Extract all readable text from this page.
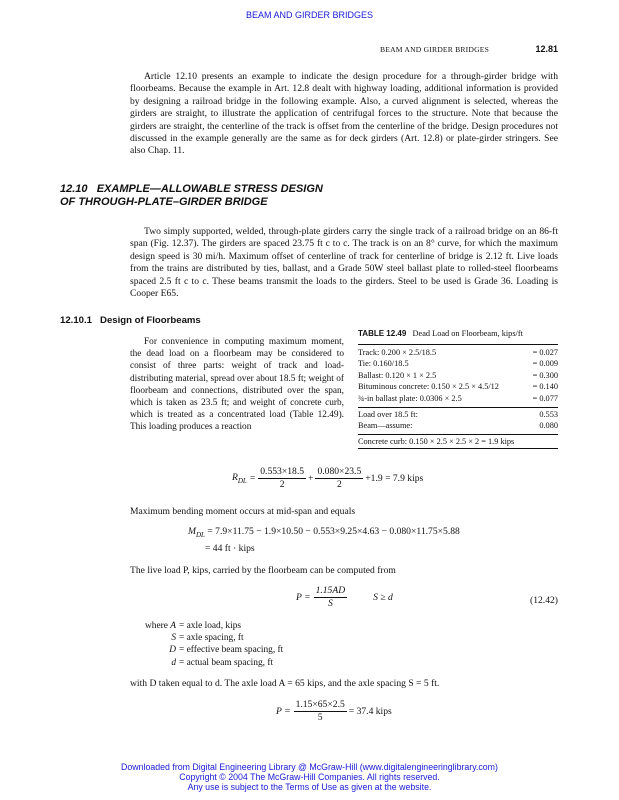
BEAM AND GIRDER BRIDGES
BEAM AND GIRDER BRIDGES	12.81

Article 12.10 presents an example to indicate the design procedure for a through-girder bridge with floorbeams. Because the example in Art. 12.8 dealt with highway loading, additional information is provided by designing a railroad bridge in the following example. Also, a curved alignment is selected, whereas the girders are straight, to illustrate the application of centrifugal forces to the structure. Note that because the girders are straight, the centerline of the track is offset from the centerline of the bridge. Design procedures not discussed in the example generally are the same as for deck girders (Art. 12.8) or plate-girder stringers. See also Chap. 11.

12.10 EXAMPLE—ALLOWABLE STRESS DESIGN
OF THROUGH-PLATE–GIRDER BRIDGE

Two simply supported, welded, through-plate girders carry the single track of a railroad bridge on an 86-ft span (Fig. 12.37). The girders are spaced 23.75 ft c to c. The track is on an 8° curve, for which the maximum design speed is 30 mi/h. Maximum offset of centerline of track for centerline of bridge is 2.12 ft. Live loads from the trains are distributed by ties, ballast, and a Grade 50W steel ballast plate to rolled-steel floorbeams spaced 2.5 ft c to c. These beams transmit the loads to the girders. Steel to be used is Grade 36. Loading is Cooper E65.

12.10.1 Design of Floorbeams

For convenience in computing maximum moment, the dead load on a floorbeam may be considered to consist of three parts: weight of track and load-distributing material, spread over about 18.5 ft; weight of floorbeam and connections, distributed over the span, which is taken as 23.5 ft; and weight of concrete curb, which is treated as a concentrated load (Table 12.49). This loading produces a reaction

TABLE 12.49 Dead Load on Floorbeam, kips/ft
Track: 0.200 × 2.5/18.5	= 0.027
Tie: 0.160/18.5	= 0.009
Ballast: 0.120 × 1 × 2.5	= 0.300
Bituminous concrete: 0.150 × 2.5 × 4.5/12	= 0.140
¾-in ballast plate: 0.0306 × 2.5	= 0.077
Load over 18.5 ft:	0.553
Beam—assume:	0.080
Concrete curb: 0.150 × 2.5 × 2.5 × 2 = 1.9 kips
$R_{DL} = \frac{0.553\times 18.5}{2} + \frac{0.080\times 23.5}{2} +1.9 = 7.9$ kips
Maximum bending moment occurs at mid-span and equals
$M_{DL} = 7.9\times 11.75 - 1.9\times 10.50 - 0.553\times 9.25\times 4.63 - 0.080\times 11.75\times 5.88$
= 44 ft · kips
The live load P, kips, carried by the floorbeam can be computed from
$P = \frac{1.15AD}{S}$	S ≥ d	(12.42)
where A = axle load, kips
S = axle spacing, ft
D = effective beam spacing, ft
d = actual beam spacing, ft
with D taken equal to d. The axle load A = 65 kips, and the axle spacing S = 5 ft.
$P = \frac{1.15\times 65\times 2.5}{5} = 37.4$ kips
Downloaded from Digital Engineering Library @ McGraw-Hill (www.digitalengineeringlibrary.com)
Copyright © 2004 The McGraw-Hill Companies. All rights reserved.
Any use is subject to the Terms of Use as given at the website.
